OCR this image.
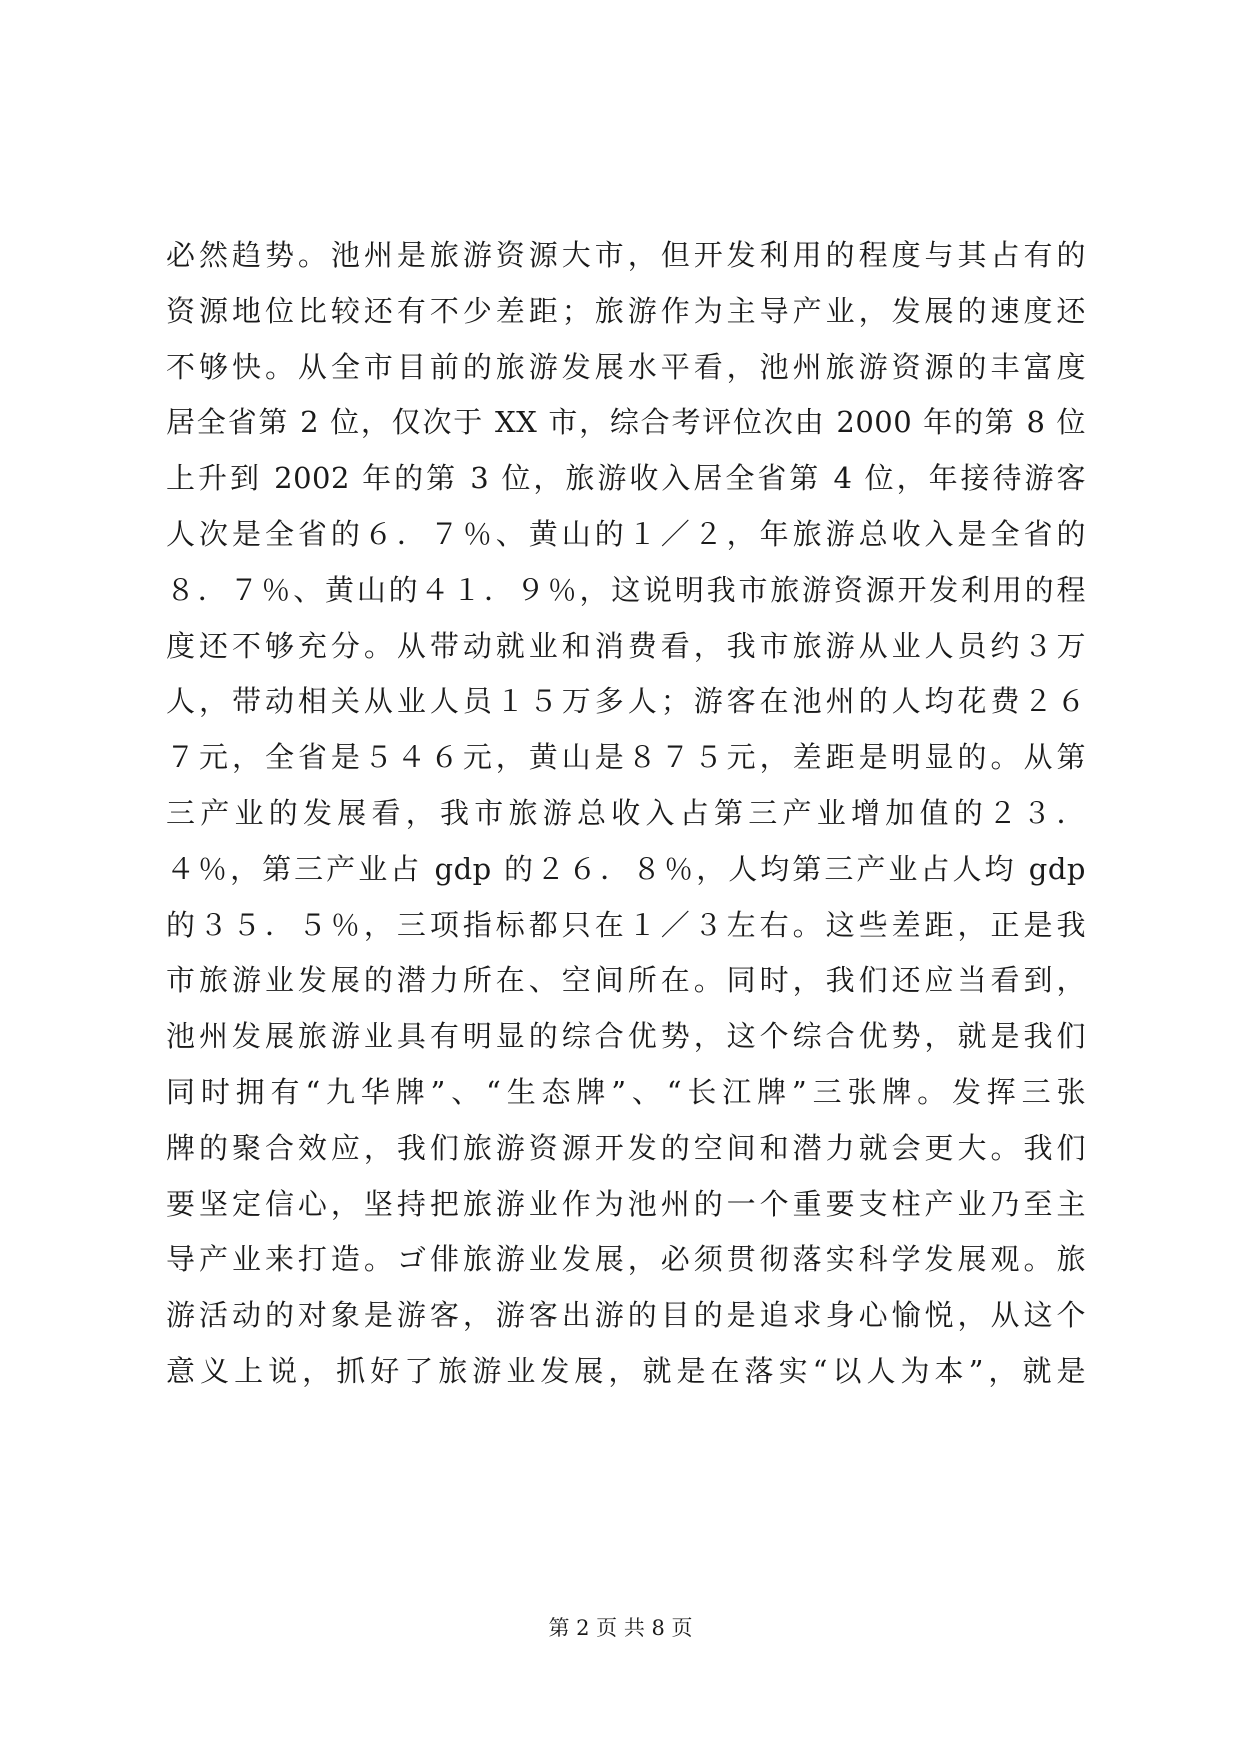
必然趋势。池州是旅游资源大市，但开发利用的程度与其占有的
资源地位比较还有不少差距；旅游作为主导产业，发展的速度还
不够快。从全市目前的旅游发展水平看，池州旅游资源的丰富度
居全省第 2 位，仅次于 XX 市，综合考评位次由 2000 年的第 8 位
上升到 2002 年的第 3 位，旅游收入居全省第 4 位，年接待游客
人次是全省的６．７％、黄山的１／２，年旅游总收入是全省的
８．７％、黄山的４１．９％，这说明我市旅游资源开发利用的程
度还不够充分。从带动就业和消费看，我市旅游从业人员约３万
人，带动相关从业人员１５万多人；游客在池州的人均花费２６
７元，全省是５４６元，黄山是８７５元，差距是明显的。从第
三产业的发展看，我市旅游总收入占第三产业增加值的２３．
４％，第三产业占 gdp 的２６．８％，人均第三产业占人均 gdp
的３５．５％，三项指标都只在１／３左右。这些差距，正是我
市旅游业发展的潜力所在、空间所在。同时，我们还应当看到，
池州发展旅游业具有明显的综合优势，这个综合优势，就是我们
同时拥有“九华牌”、“生态牌”、“长江牌”三张牌。发挥三张
牌的聚合效应，我们旅游资源开发的空间和潜力就会更大。我们
要坚定信心，坚持把旅游业作为池州的一个重要支柱产业乃至主
导产业来打造。ゴ俳旅游业发展，必须贯彻落实科学发展观。旅
游活动的对象是游客，游客出游的目的是追求身心愉悦，从这个
意义上说，抓好了旅游业发展，就是在落实“以人为本”，就是
第 2 页 共 8 页
